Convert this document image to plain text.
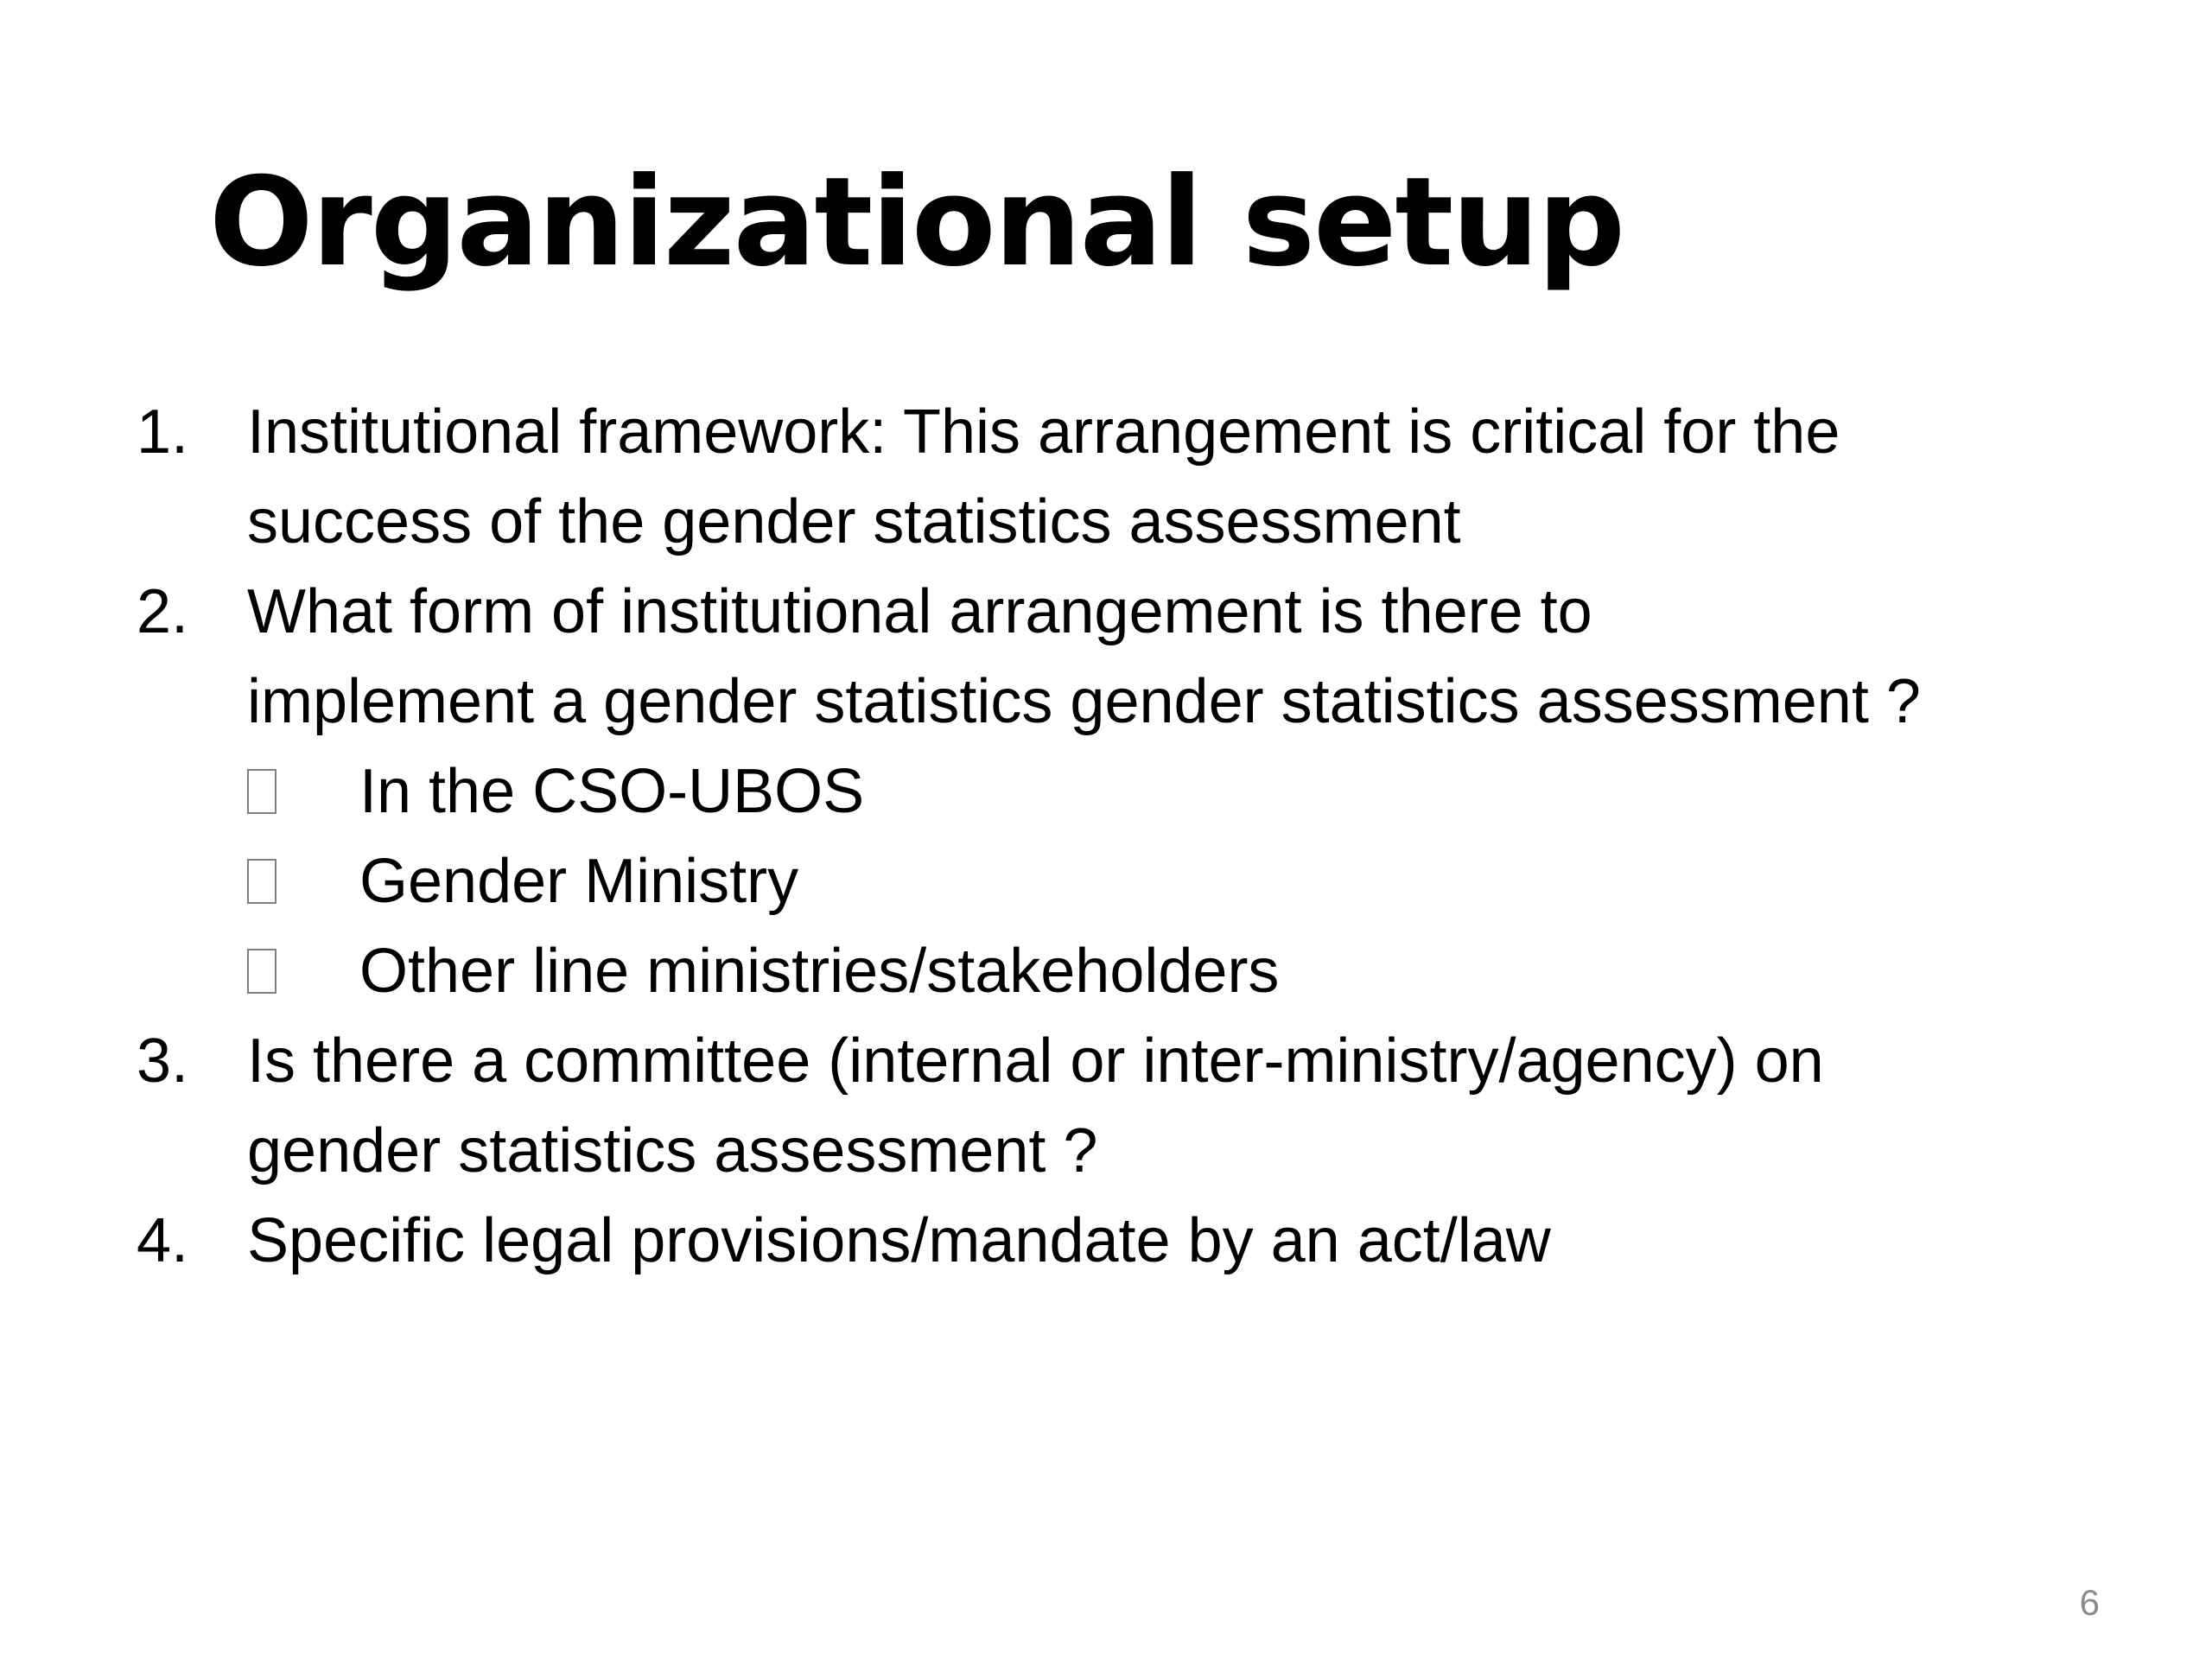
Organizational setup
1. Institutional framework: This arrangement is critical for the
success of the gender statistics assessment
2. What form of institutional arrangement is there to
implement a gender statistics gender statistics assessment ?
In the CSO-UBOS
Gender Ministry
Other line ministries/stakeholders
3. Is there a committee (internal or inter-ministry/agency) on
gender statistics assessment ?
4. Specific legal provisions/mandate by an act/law
6
